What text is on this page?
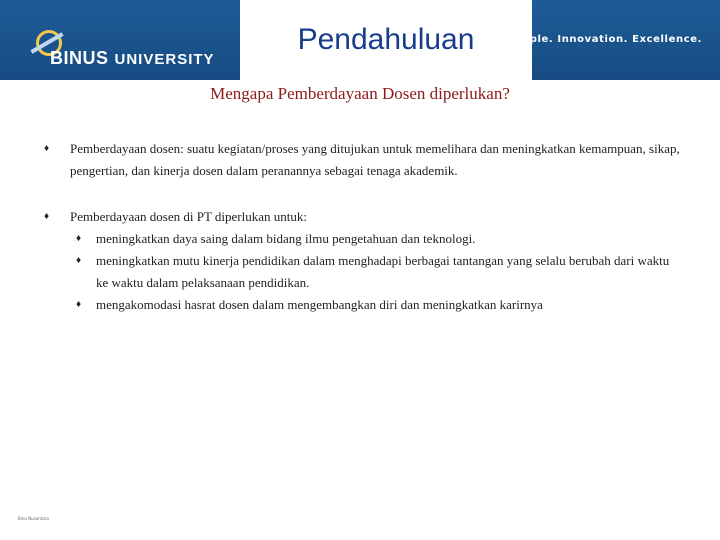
BINUS UNIVERSITY
Pendahuluan	People. Innovation. Excellence.
Mengapa Pemberdayaan Dosen diperlukan?
♦ Pemberdayaan dosen: suatu kegiatan/proses yang ditujukan untuk memelihara dan meningkatkan kemampuan, sikap, pengertian, dan kinerja dosen dalam peranannya sebagai tenaga akademik.
♦ Pemberdayaan dosen di PT diperlukan untuk:
♦ meningkatkan daya saing dalam bidang ilmu pengetahuan dan teknologi.
♦ meningkatkan mutu kinerja pendidikan dalam menghadapi berbagai tantangan yang selalu berubah dari waktu ke waktu dalam pelaksanaan pendidikan.
♦ mengakomodasi hasrat dosen dalam mengembangkan diri dan meningkatkan karirnya
Bina Nusantara
